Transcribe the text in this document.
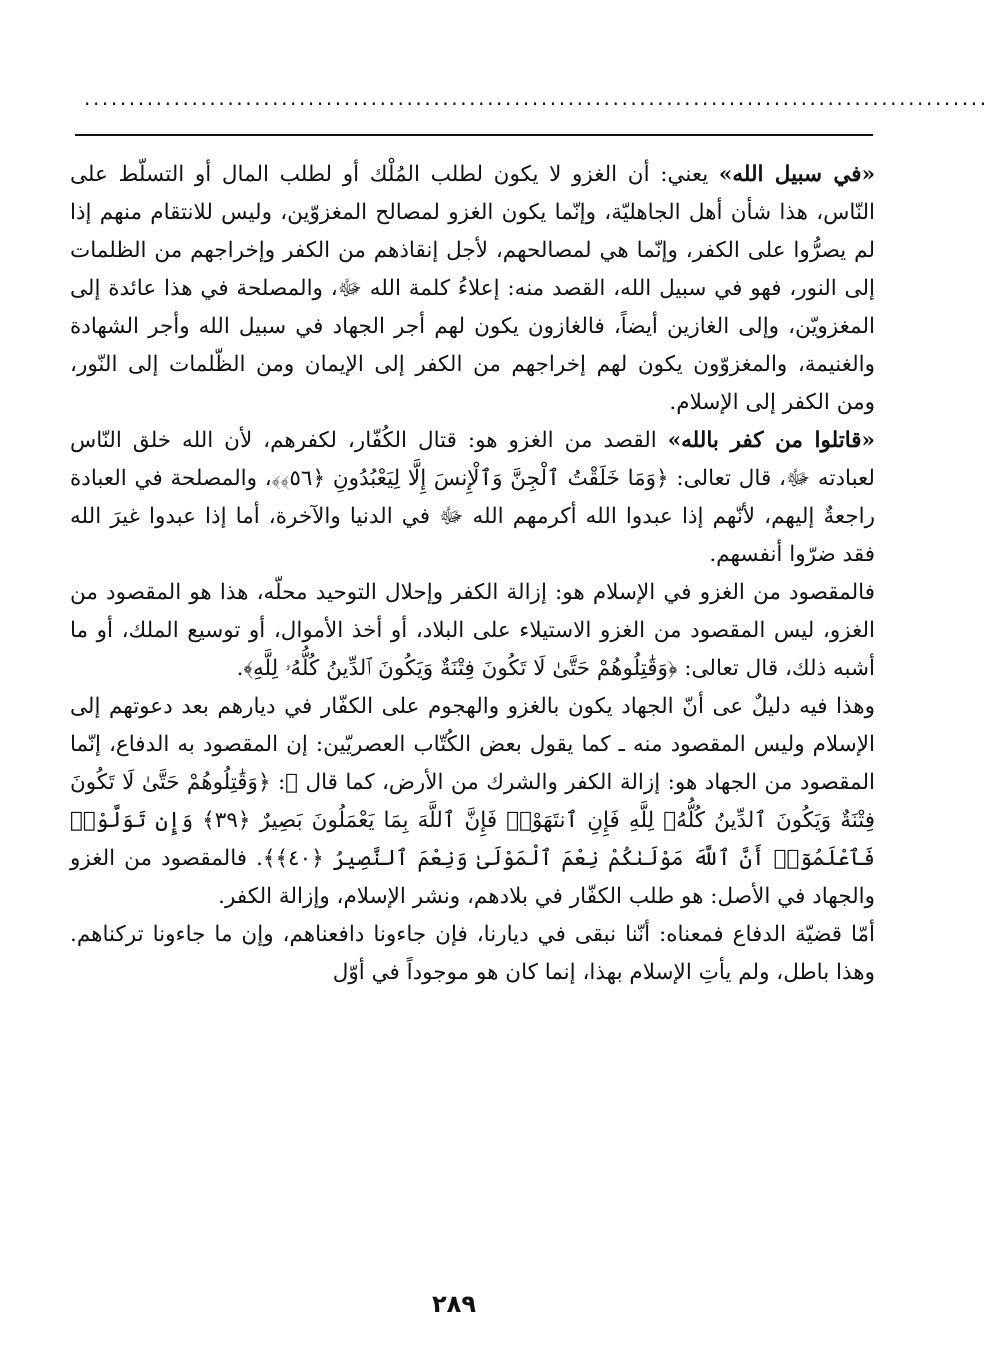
.....................................................................................................

«في سبيل الله» يعني: أن الغزو لا يكون لطلب المُلْك أو لطلب المال أو التسلّط على النّاس، هذا شأن أهل الجاهليّة، وإنّما يكون الغزو لمصالح المغزوّين، وليس للانتقام منهم إذا لم يصرُّوا على الكفر، وإنّما هي لمصالحهم، لأجل إنقاذهم من الكفر وإخراجهم من الظلمات إلى النور، فهو في سبيل الله، القصد منه: إعلاءُ كلمة الله ﷻ، والمصلحة في هذا عائدة إلى المغزويّن، وإلى الغازين أيضاً، فالغازون يكون لهم أجر الجهاد في سبيل الله وأجر الشهادة والغنيمة، والمغزوّون يكون لهم إخراجهم من الكفر إلى الإيمان ومن الظّلمات إلى النّور، ومن الكفر إلى الإسلام.

«قاتلوا من كفر بالله» القصد من الغزو هو: قتال الكُفّار، لكفرهم، لأن الله خلق النّاس لعبادته ﷻ، قال تعالى: ﴿وَمَا خَلَقْتُ ٱلْجِنَّ وَٱلْإِنسَ إِلَّا لِيَعْبُدُونِ ﴿٥٦﴾﴾، والمصلحة في العبادة راجعةٌ إليهم، لأنّهم إذا عبدوا الله أكرمهم الله ﷻ في الدنيا والآخرة، أما إذا عبدوا غيرَ الله فقد ضرّوا أنفسهم.

فالمقصود من الغزو في الإسلام هو: إزالة الكفر وإحلال التوحيد محلّه، هذا هو المقصود من الغزو، ليس المقصود من الغزو الاستيلاء على البلاد، أو أخذ الأموال، أو توسيع الملك، أو ما أشبه ذلك، قال تعالى: ﴿وَقَٰتِلُوهُمْ حَتَّىٰ لَا تَكُونَ فِتْنَةٌ وَيَكُونَ ٱلدِّينُ كُلُّهُۥ لِلَّهِ﴾.

وهذا فيه دليلٌ عى أنّ الجهاد يكون بالغزو والهجوم على الكفّار في ديارهم بعد دعوتهم إلى الإسلام وليس المقصود منه ـ كما يقول بعض الكُتّاب العصريّين: إن المقصود به الدفاع، إنّما المقصود من الجهاد هو: إزالة الكفر والشرك من الأرض، كما قال ﷻ: ﴿وَقَٰتِلُوهُمْ حَتَّىٰ لَا تَكُونَ فِتْنَةٌ وَيَكُونَ ٱلدِّينُ كُلُّهُۥ لِلَّهِ فَإِنِ ٱنتَهَوْا۟ فَإِنَّ ٱللَّهَ بِمَا يَعْمَلُونَ بَصِيرٌ ﴿٣٩﴾ وَإِن تَوَلَّوْا۟ فَٱعْلَمُوٓا۟ أَنَّ ٱللَّهَ مَوْلَىٰكُمْ نِعْمَ ٱلْمَوْلَىٰ وَنِعْمَ ٱلنَّصِيرُ ﴿٤٠﴾﴾. فالمقصود من الغزو والجهاد في الأصل: هو طلب الكفّار في بلادهم، ونشر الإسلام، وإزالة الكفر.

أمّا قضيّة الدفاع فمعناه: أنّنا نبقى في ديارنا، فإن جاءونا دافعناهم، وإن ما جاءونا تركناهم. وهذا باطل، ولم يأتِ الإسلام بهذا، إنما كان هو موجوداً في أوّل

٢٨٩
